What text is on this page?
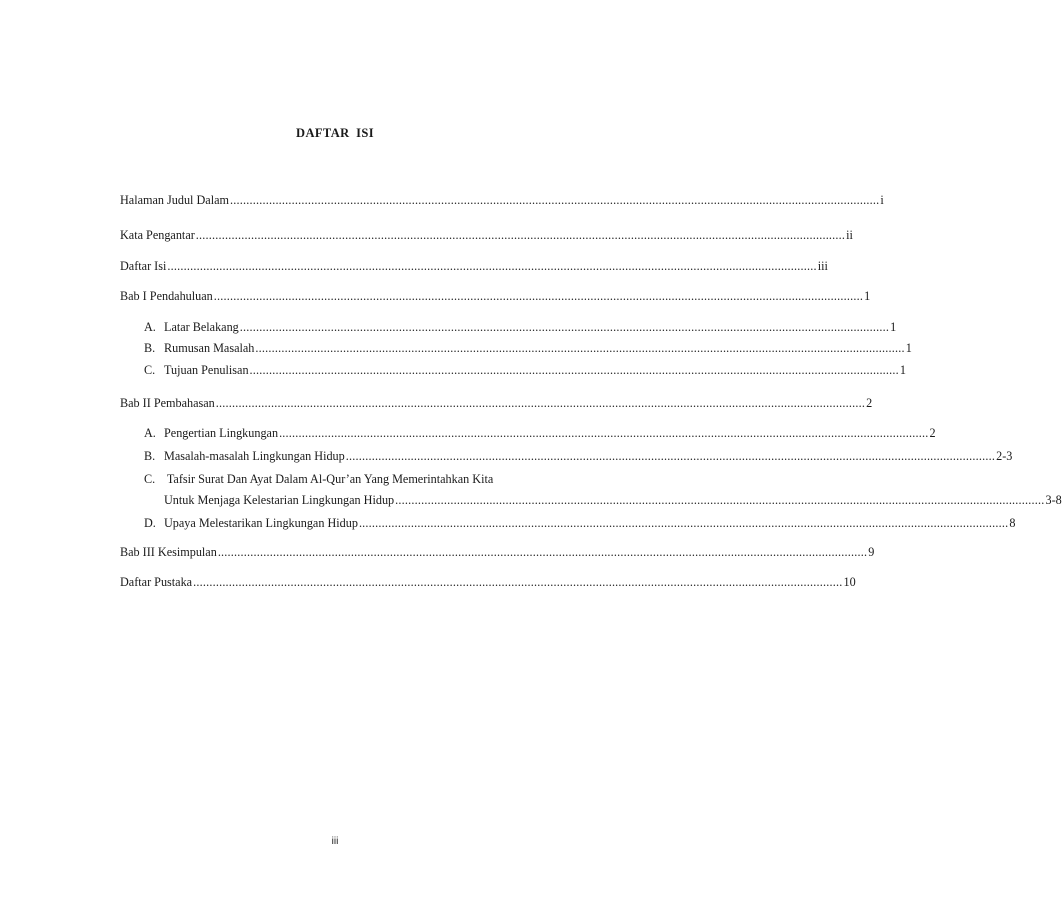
DAFTAR ISI
Halaman Judul Dalam ........................................................................................................................................................................................................ i
Kata Pengantar ........................................................................................................................................................................................................ ii
Daftar Isi ........................................................................................................................................................................................................ iii
Bab I Pendahuluan ........................................................................................................................................................................................................ 1
A. Latar Belakang ........................................................................................................................................................................................................ 1
B. Rumusan Masalah ........................................................................................................................................................................................................ 1
C. Tujuan Penulisan ........................................................................................................................................................................................................ 1
Bab II Pembahasan ........................................................................................................................................................................................................ 2
A. Pengertian Lingkungan ........................................................................................................................................................................................................ 2
B. Masalah-masalah Lingkungan Hidup ........................................................................................................................................................................................................ 2-3
C. Tafsir Surat Dan Ayat Dalam Al-Qur’an Yang Memerintahkan Kita
Untuk Menjaga Kelestarian Lingkungan Hidup ........................................................................................................................................................................................................ 3-8
D. Upaya Melestarikan Lingkungan Hidup ........................................................................................................................................................................................................ 8
Bab III Kesimpulan ........................................................................................................................................................................................................ 9
Daftar Pustaka ........................................................................................................................................................................................................ 10
iii
